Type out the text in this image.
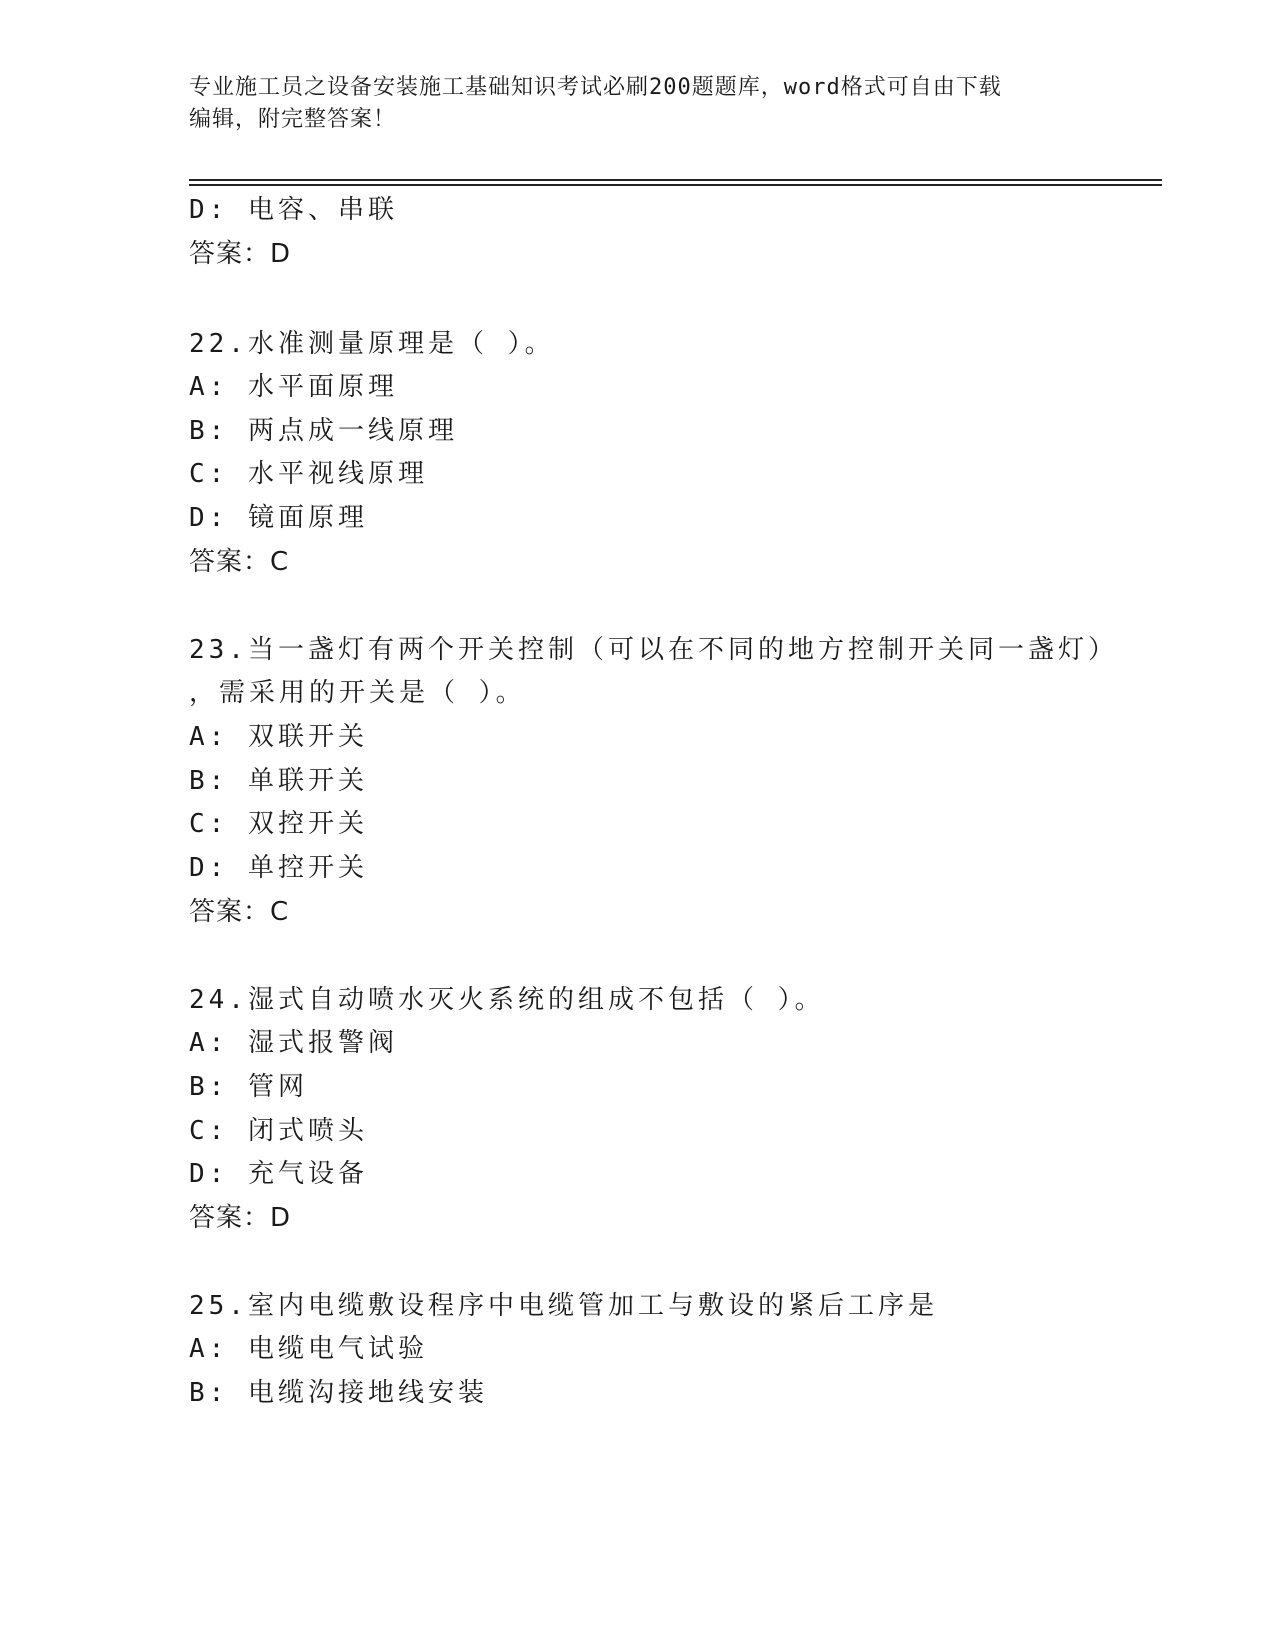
专业施工员之设备安装施工基础知识考试必刷200题题库，word格式可自由下载
编辑，附完整答案！
D: 电容、串联
答案：D
22.水准测量原理是（ ）。
A: 水平面原理
B: 两点成一线原理
C: 水平视线原理
D: 镜面原理
答案：C
23.当一盏灯有两个开关控制（可以在不同的地方控制开关同一盏灯）
，需采用的开关是（ ）。
A: 双联开关
B: 单联开关
C: 双控开关
D: 单控开关
答案：C
24.湿式自动喷水灭火系统的组成不包括（ ）。
A: 湿式报警阀
B: 管网
C: 闭式喷头
D: 充气设备
答案：D
25.室内电缆敷设程序中电缆管加工与敷设的紧后工序是
A: 电缆电气试验
B: 电缆沟接地线安装
